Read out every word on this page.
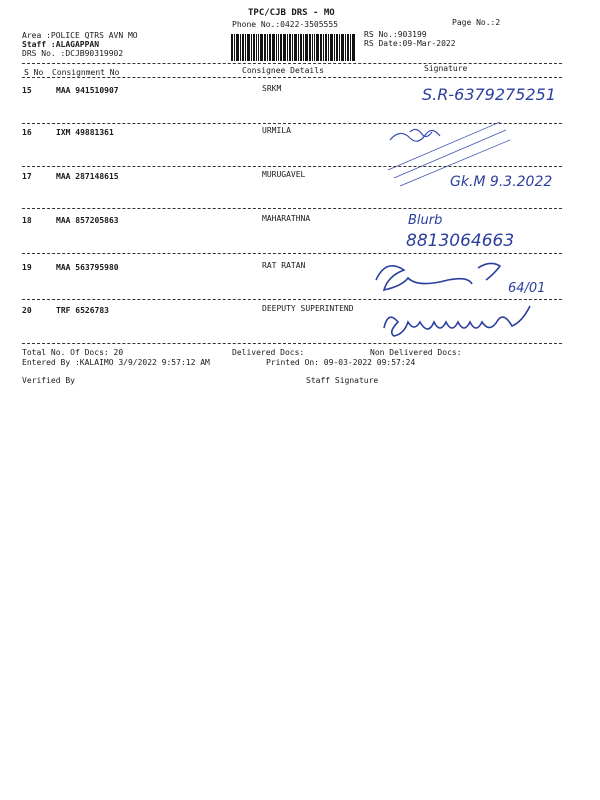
TPC/CJB DRS - MO
Phone No.:0422-3505555	Page No.:2
Area :POLICE QTRS AVN MO
Staff :ALAGAPPAN
DRS No. :DCJB90319902
RS No.:903199
RS Date:09-Mar-2022
S No Consignment No	Consignee Details	Signature
15	MAA 941510907	SRKM	S.R-6379275251
16	IXM 49881361	URMILA
17	MAA 287148615	MURUGAVEL	Gk.M 9.3.2022
18	MAA 857205863	MAHARATHNA	Blurb
8813064663
19	MAA 563795980	RAT RATAN
64/01
20	TRF 6526783	DEEPUTY SUPERINTEND
Total No. Of Docs: 20	Delivered Docs:	Non Delivered Docs:
Entered By :KALAIMO 3/9/2022 9:57:12 AM	Printed On: 09-03-2022 09:57:24
Verified By	Staff Signature
